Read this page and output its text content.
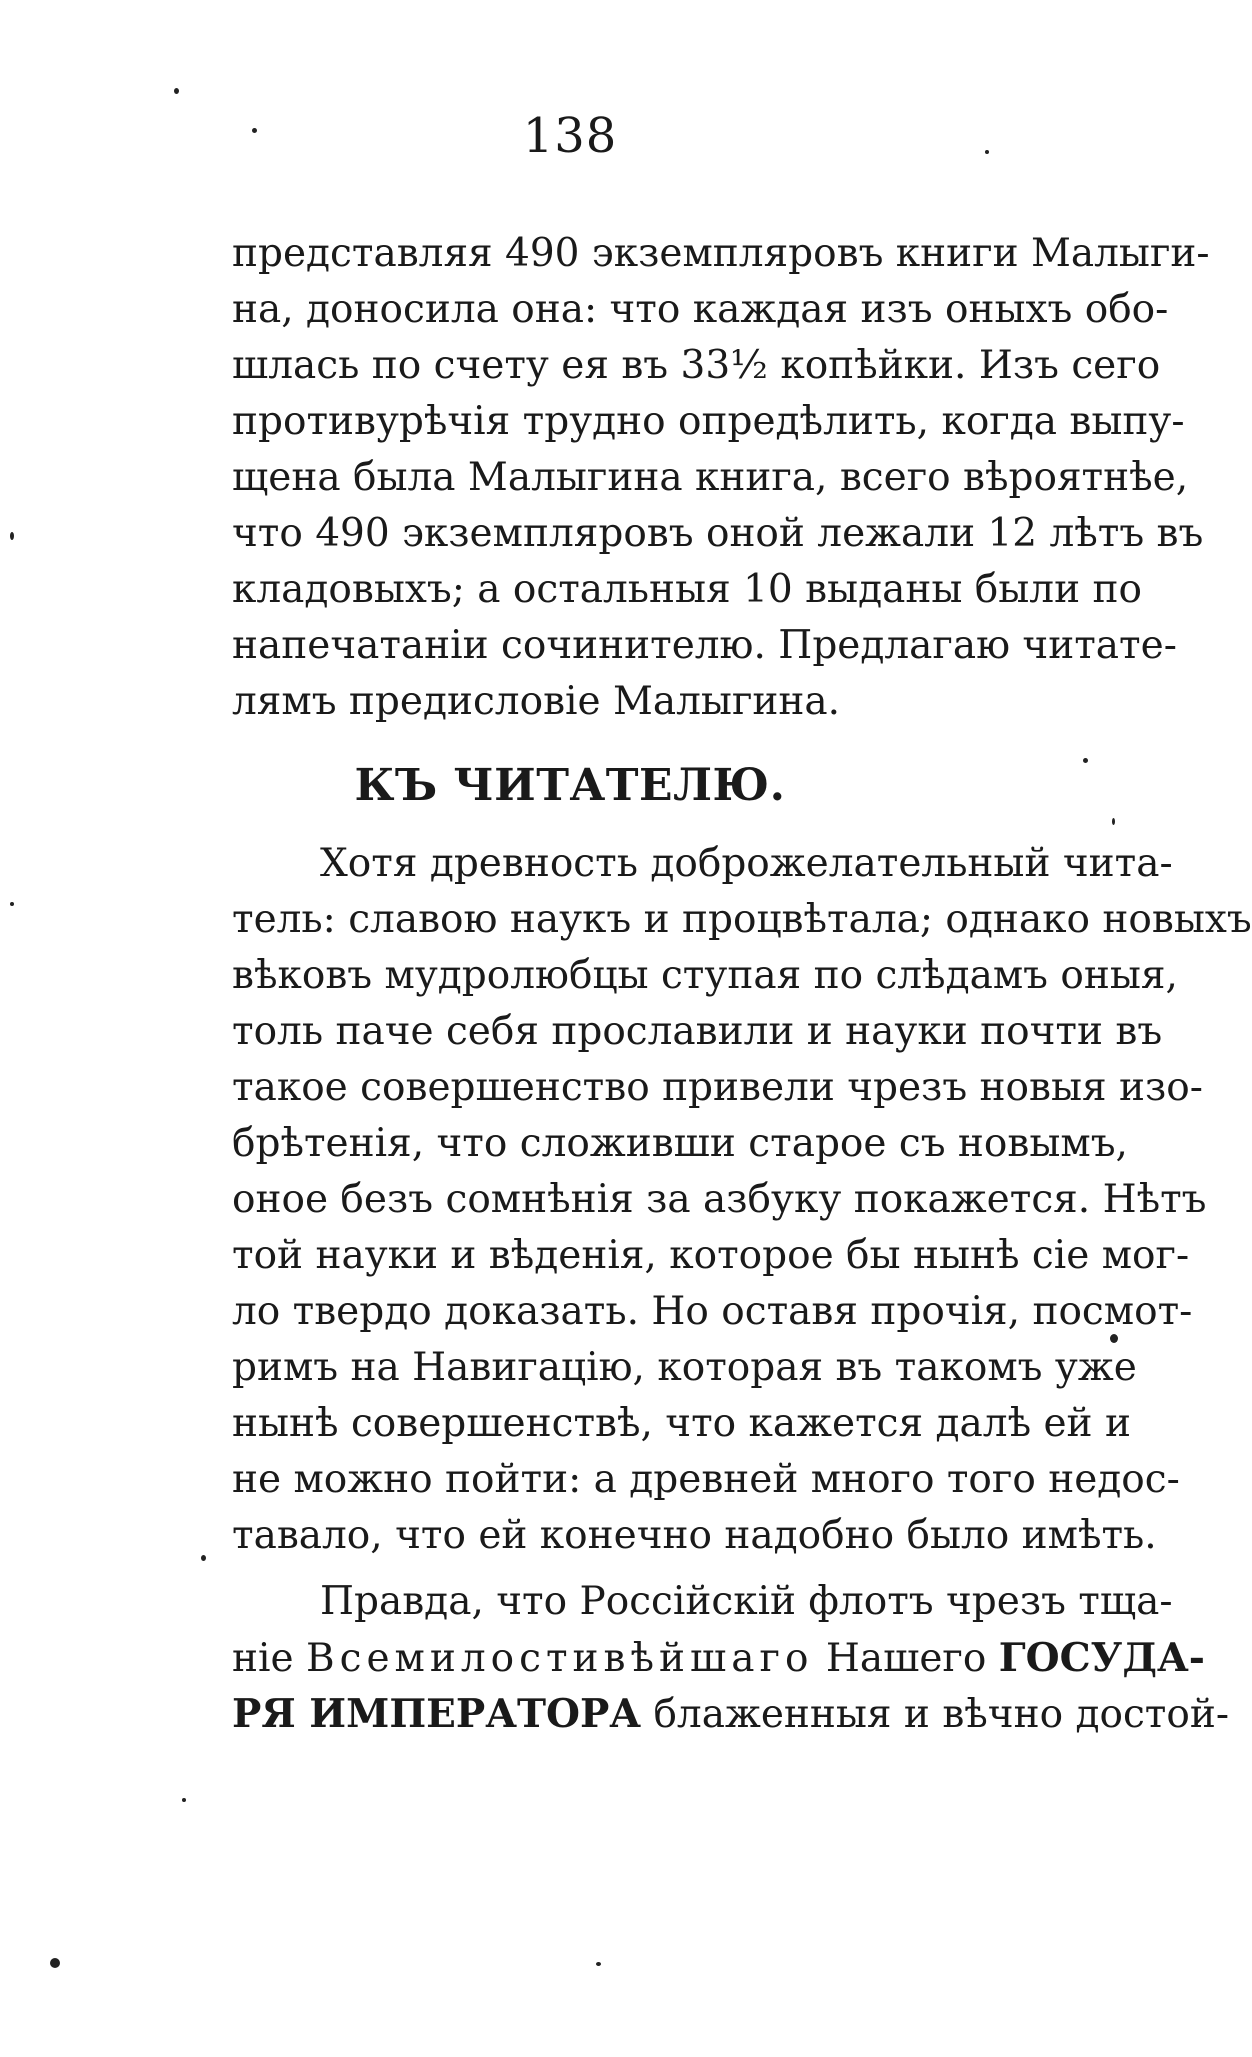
138
представляя 490 экземпляровъ книги Малыги-
на, доносила она: что каждая изъ оныхъ обо-
шлась по счету ея въ 33½ копѣйки. Изъ сего
противурѣчія трудно опредѣлить, когда выпу-
щена была Малыгина книга, всего вѣроятнѣе,
что 490 экземпляровъ оной лежали 12 лѣтъ въ
кладовыхъ; а остальныя 10 выданы были по
напечатаніи сочинителю. Предлагаю читате-
лямъ предисловіе Малыгина.
КЪ ЧИТАТЕЛЮ.
Хотя древность доброжелательный чита-
тель: славою наукъ и процвѣтала; однако новыхъ
вѣковъ мудролюбцы ступая по слѣдамъ оныя,
толь паче себя прославили и науки почти въ
такое совершенство привели чрезъ новыя изо-
брѣтенія, что сложивши старое съ новымъ,
оное безъ сомнѣнія за азбуку покажется. Нѣтъ
той науки и вѣденія, которое бы нынѣ сіе мог-
ло твердо доказать. Но оставя прочія, посмот-
римъ на Навигацію, которая въ такомъ уже
нынѣ совершенствѣ, что кажется далѣ ей и
не можно пойти: а древней много того недос-
тавало, что ей конечно надобно было имѣть.
Правда, что Россійскій флотъ чрезъ тща-
ніе Всемилостивѣйшаго Нашего ГОСУДА-
РЯ ИМПЕРАТОРА блаженныя и вѣчно достой-
